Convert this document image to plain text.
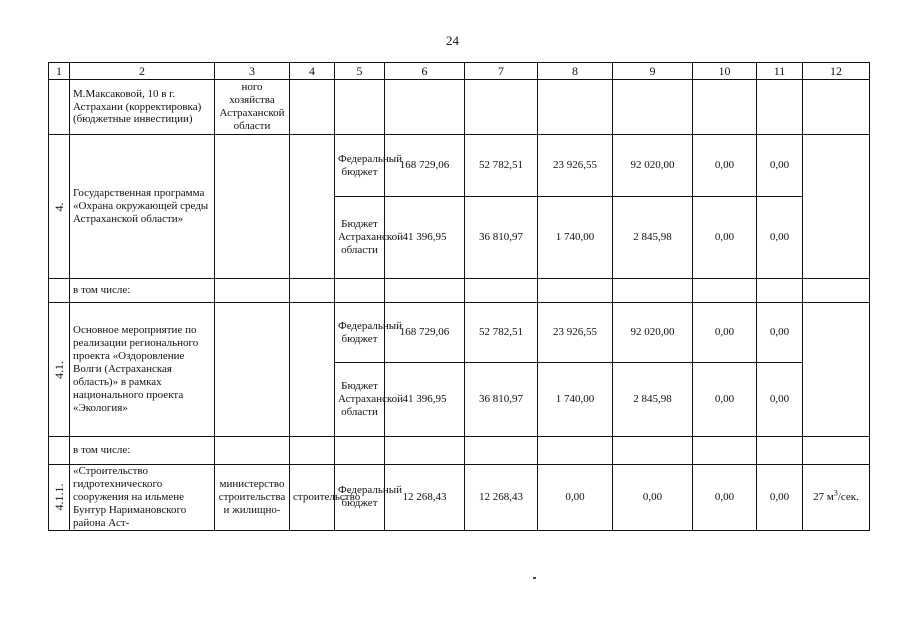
24
1	2	3	4	5	6	7	8	9	10	11	12
	М.Максаковой, 10 в г. Астрахани (корректировка) (бюджетные инвестиции)	ного хозяйства Астраханской области									

4.	Государственная программа «Охрана окружающей среды Астраханской области»			Федеральный бюджет	168 729,06	52 782,51	23 926,55	92 020,00	0,00	0,00	
				Бюджет Астраханской области	41 396,95	36 810,97	1 740,00	2 845,98	0,00	0,00	
	в том числе:										

4.1.	Основное мероприятие по реализации регионального проекта «Оздоровление Волги (Астраханская область)» в рамках национального проекта «Экология»			Федеральный бюджет	168 729,06	52 782,51	23 926,55	92 020,00	0,00	0,00	
				Бюджет Астраханской области	41 396,95	36 810,97	1 740,00	2 845,98	0,00	0,00	
	в том числе:										

4.1.1.	«Строительство гидротехнического сооружения на ильмене Бунтур Наримановского района Аст-	министерство строительства и жилищно-	строительство	Федеральный бюджет	12 268,43	12 268,43	0,00	0,00	0,00	0,00	27 $м^3$/сек.
